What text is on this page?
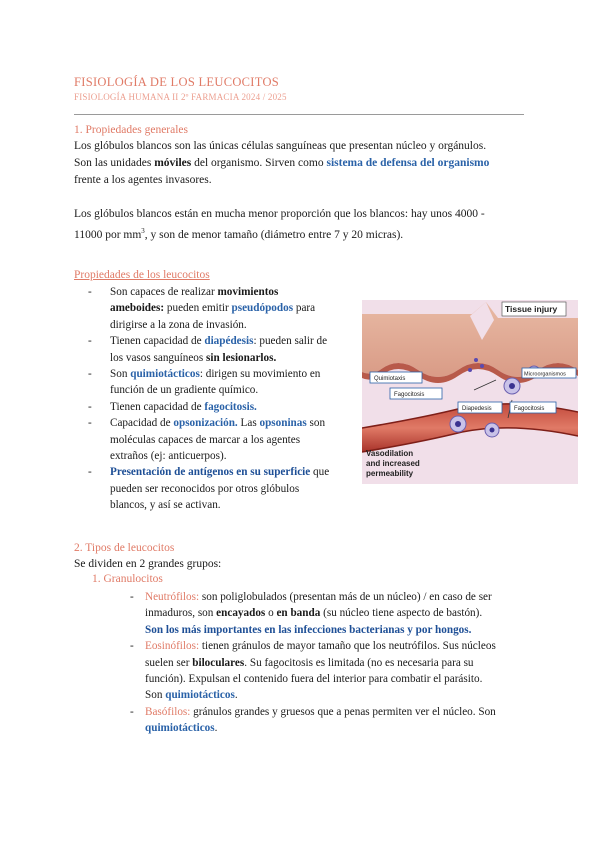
FISIOLOGÍA DE LOS LEUCOCITOS
FISIOLOGÍA HUMANA II 2º FARMACIA 2024 / 2025
1. Propiedades generales
Los glóbulos blancos son las únicas células sanguíneas que presentan núcleo y orgánulos.
Son las unidades móviles del organismo. Sirven como sistema de defensa del organismo
frente a los agentes invasores.
Los glóbulos blancos están en mucha menor proporción que los blancos: hay unos 4000 -
11000 por $mm^3$, y son de menor tamaño (diámetro entre 7 y 20 micras).
Propiedades de los leucocitos
- Son capaces de realizar movimientos
ameboides: pueden emitir pseudópodos para
dirigirse a la zona de invasión.
- Tienen capacidad de diapédesis: pueden salir de
los vasos sanguíneos sin lesionarlos.
- Son quimiotácticos: dirigen su movimiento en
función de un gradiente químico.
- Tienen capacidad de fagocitosis.
- Capacidad de opsonización. Las opsoninas son
moléculas capaces de marcar a los agentes
extraños (ej: anticuerpos).
- Presentación de antígenos en su superficie que
pueden ser reconocidos por otros glóbulos
blancos, y así se activan.
Tissue injury
Quimiotaxis
Fagocitosis
Microorganismos
Diapedesis	Fagocitosis
Vasodilation
and increased
permeability
2. Tipos de leucocitos
Se dividen en 2 grandes grupos:
1. Granulocitos
- Neutrófilos: son poliglobulados (presentan más de un núcleo) / en caso de ser
inmaduros, son encayados o en banda (su núcleo tiene aspecto de bastón).
Son los más importantes en las infecciones bacterianas y por hongos.
- Eosinófilos: tienen gránulos de mayor tamaño que los neutrófilos. Sus núcleos
suelen ser biloculares. Su fagocitosis es limitada (no es necesaria para su
función). Expulsan el contenido fuera del interior para combatir el parásito.
Son quimiotácticos.
- Basófilos: gránulos grandes y gruesos que a penas permiten ver el núcleo. Son
quimiotácticos.
